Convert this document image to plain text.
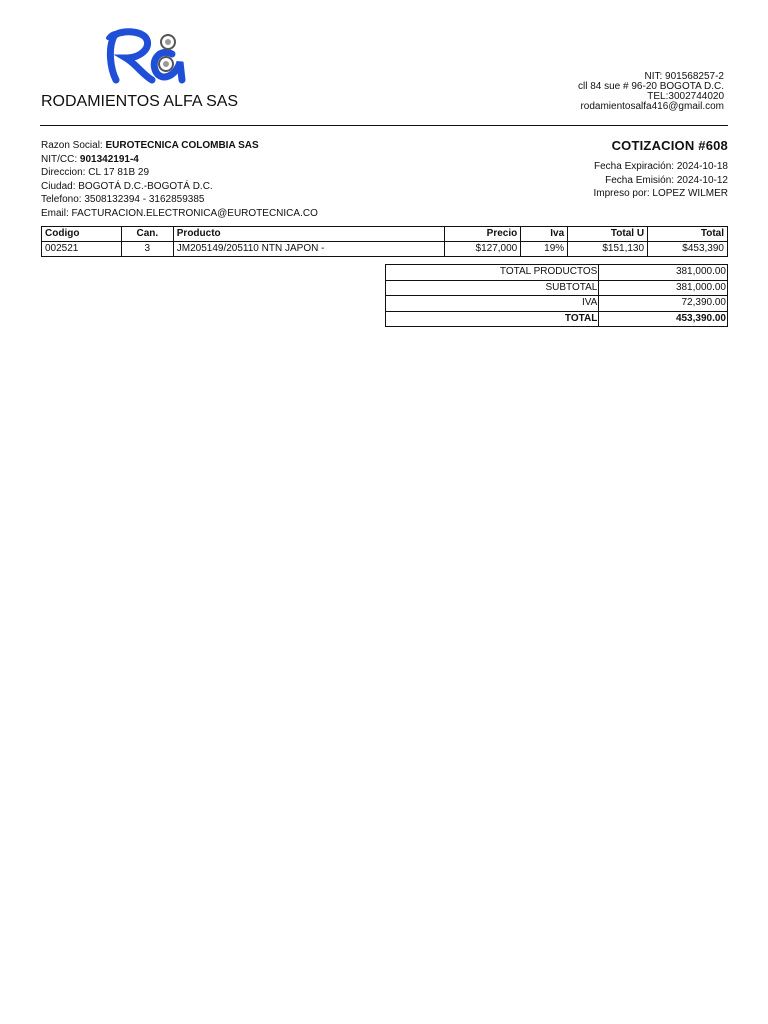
RODAMIENTOS ALFA SAS
NIT: 901568257-2
cll 84 sue # 96-20 BOGOTA D.C.
TEL:3002744020
rodamientosalfa416@gmail.com
Razon Social: EUROTECNICA COLOMBIA SAS
NIT/CC: 901342191-4
Direccion: CL 17 81B 29
Ciudad: BOGOTÁ D.C.-BOGOTÁ D.C.
Telefono: 3508132394 - 3162859385
Email: FACTURACION.ELECTRONICA@EUROTECNICA.CO
COTIZACION #608
Fecha Expiración: 2024-10-18
Fecha Emisión: 2024-10-12
Impreso por: LOPEZ WILMER
Codigo	Can.	Producto	Precio	Iva	Total U	Total
002521	3	JM205149/205110 NTN JAPON -	$127,000	19%	$151,130	$453,390
TOTAL PRODUCTOS	381,000.00
SUBTOTAL	381,000.00
IVA	72,390.00
TOTAL	453,390.00
